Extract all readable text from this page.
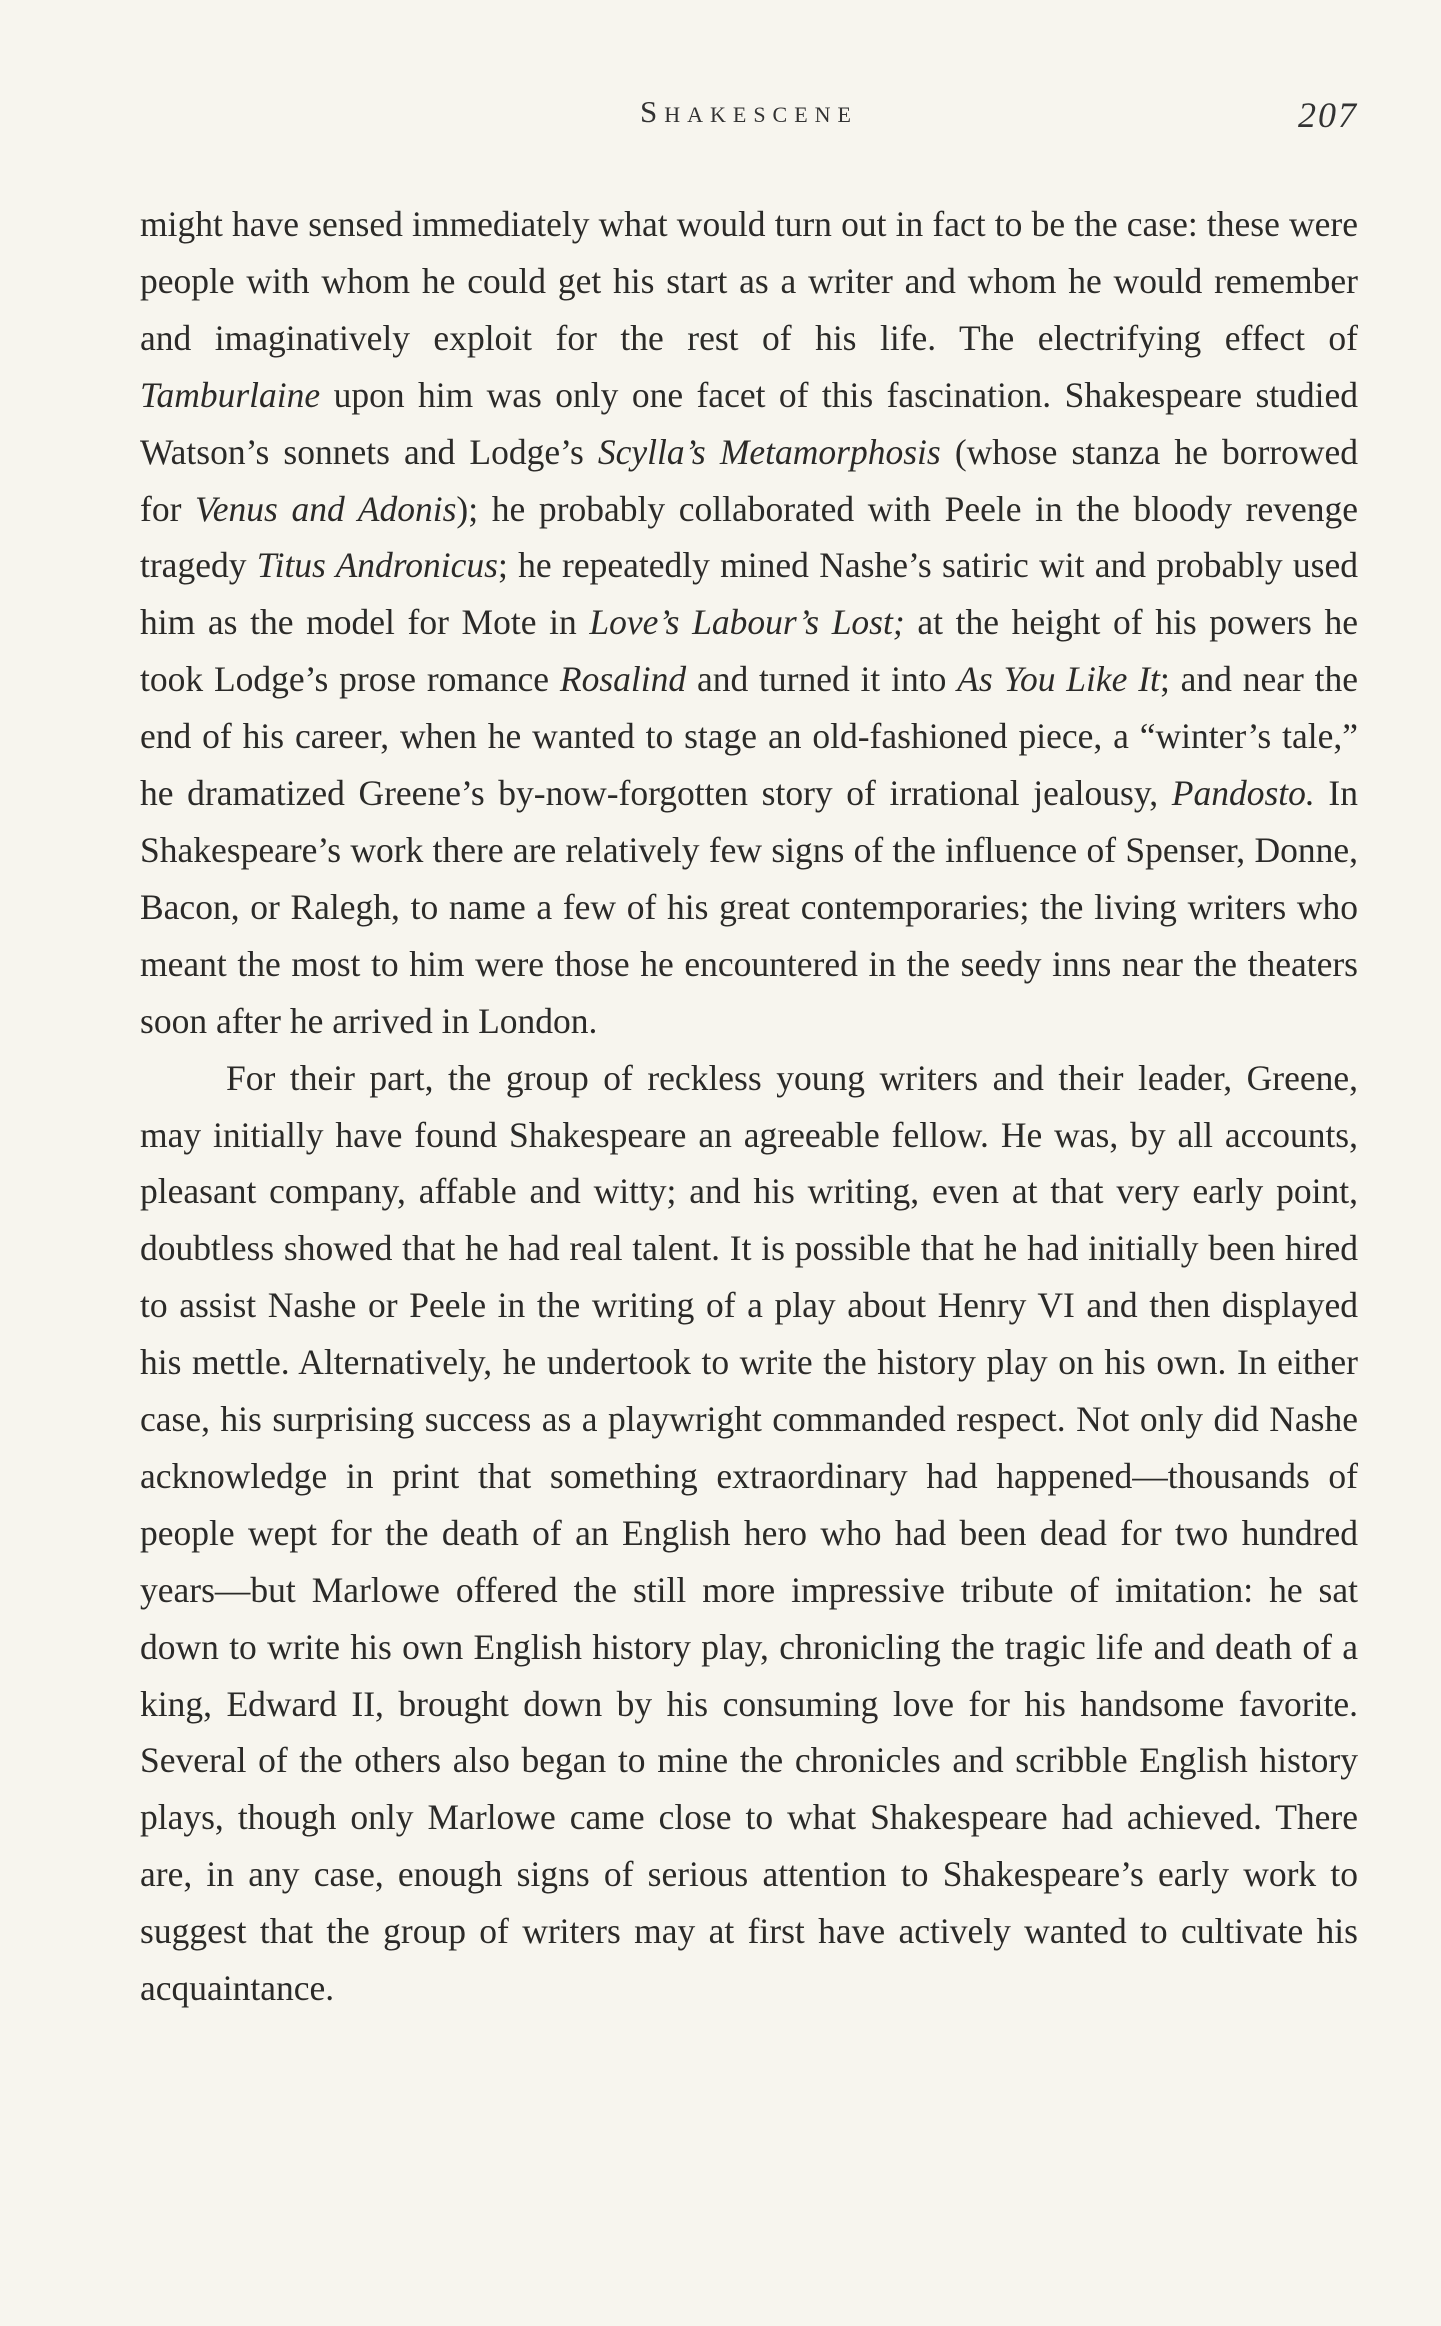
Shakescene	207

might have sensed immediately what would turn out in fact to be the case: these were people with whom he could get his start as a writer and whom he would remember and imaginatively exploit for the rest of his life. The electrifying effect of Tamburlaine upon him was only one facet of this fascination. Shakespeare studied Watson’s sonnets and Lodge’s Scylla’s Metamorphosis (whose stanza he borrowed for Venus and Adonis); he probably collaborated with Peele in the bloody revenge tragedy Titus Andronicus; he repeatedly mined Nashe’s satiric wit and probably used him as the model for Mote in Love’s Labour’s Lost; at the height of his powers he took Lodge’s prose romance Rosalind and turned it into As You Like It; and near the end of his career, when he wanted to stage an old-fashioned piece, a “winter’s tale,” he dramatized Greene’s by-now-forgotten story of irrational jealousy, Pandosto. In Shakespeare’s work there are relatively few signs of the influence of Spenser, Donne, Bacon, or Ralegh, to name a few of his great contemporaries; the living writers who meant the most to him were those he encountered in the seedy inns near the theaters soon after he arrived in London.

For their part, the group of reckless young writers and their leader, Greene, may initially have found Shakespeare an agreeable fellow. He was, by all accounts, pleasant company, affable and witty; and his writing, even at that very early point, doubtless showed that he had real talent. It is possible that he had initially been hired to assist Nashe or Peele in the writing of a play about Henry VI and then displayed his mettle. Alternatively, he undertook to write the history play on his own. In either case, his surprising success as a playwright commanded respect. Not only did Nashe acknowledge in print that something extraordinary had happened—thousands of people wept for the death of an English hero who had been dead for two hundred years—but Marlowe offered the still more impressive tribute of imitation: he sat down to write his own English history play, chronicling the tragic life and death of a king, Edward II, brought down by his consuming love for his handsome favorite. Several of the others also began to mine the chronicles and scribble English history plays, though only Marlowe came close to what Shakespeare had achieved. There are, in any case, enough signs of serious attention to Shakespeare’s early work to suggest that the group of writers may at first have actively wanted to cultivate his acquaintance.
